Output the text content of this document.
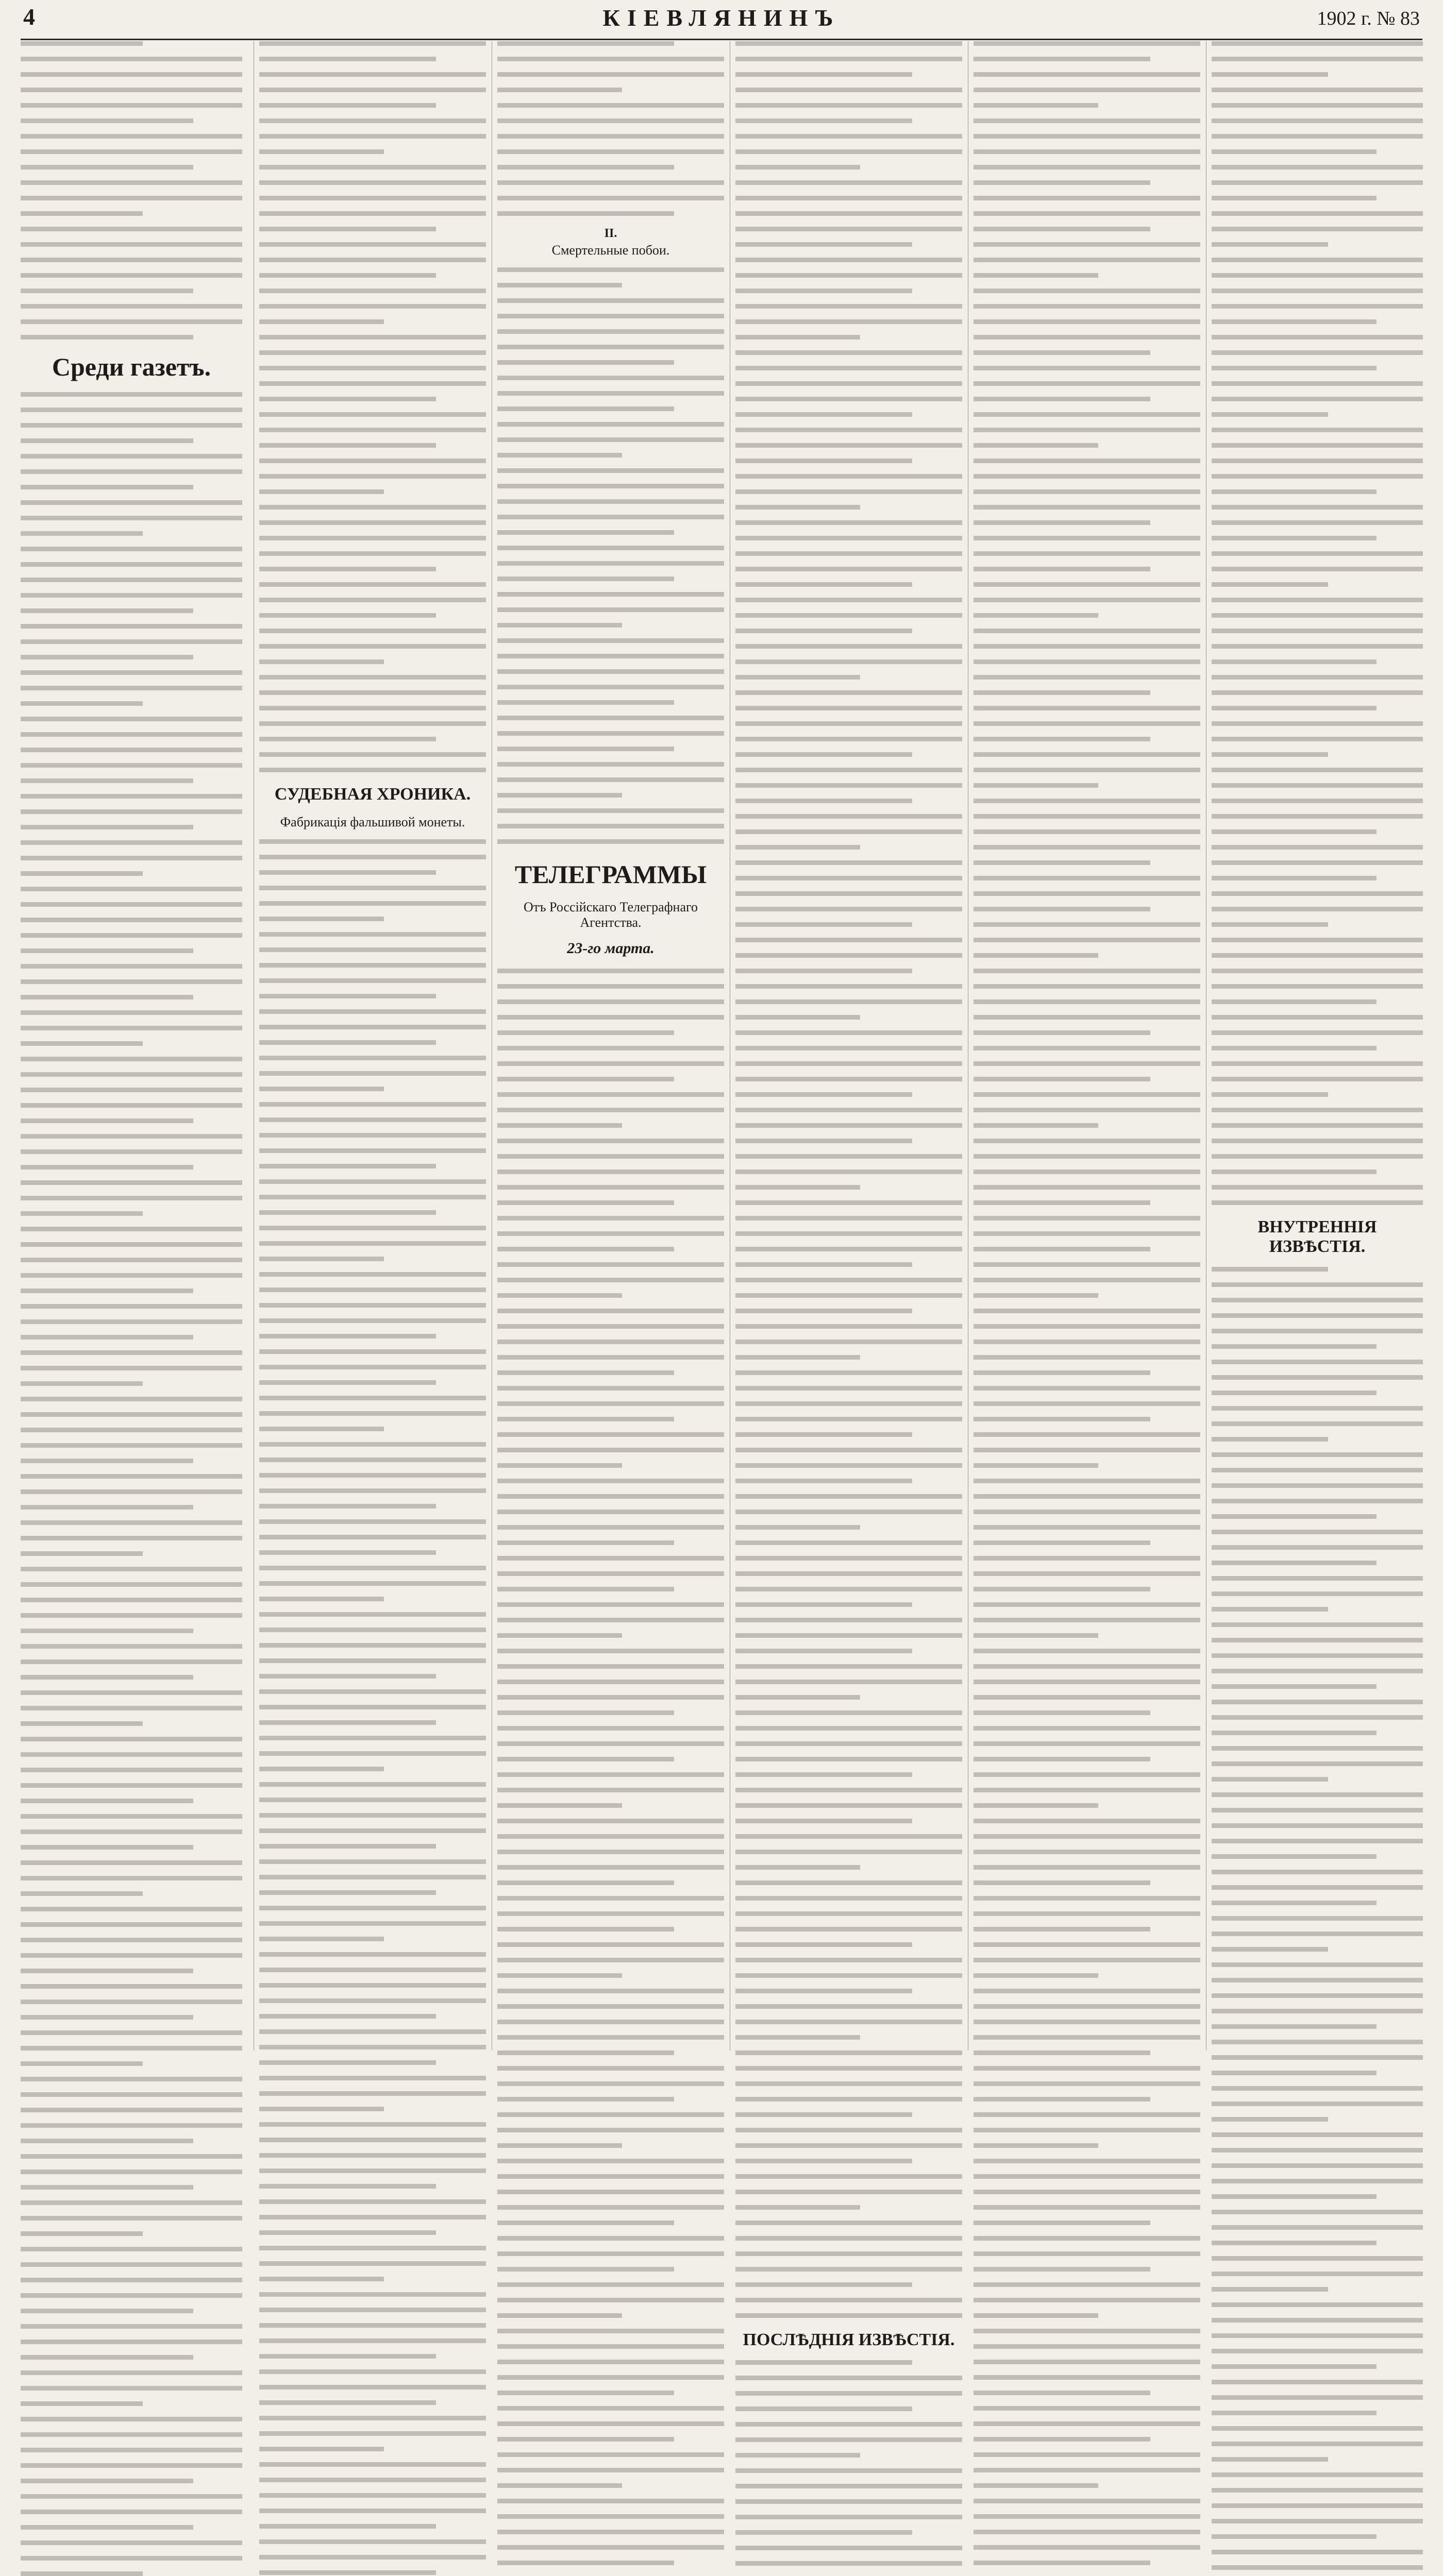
4	КІЕВЛЯНИНЪ	1902 г. № 83
Среди газетъ.
СУДЕБНАЯ ХРОНИКА.
Фабрикація фальшивой монеты.
II.
Смертельные побои.
ТЕЛЕГРАММЫ
Отъ Россійскаго Телеграфнаго Агентства.
23-го марта.
ПОСЛѢДНІЯ ИЗВѢСТІЯ.
ВНУТРЕННІЯ ИЗВѢСТІЯ.
